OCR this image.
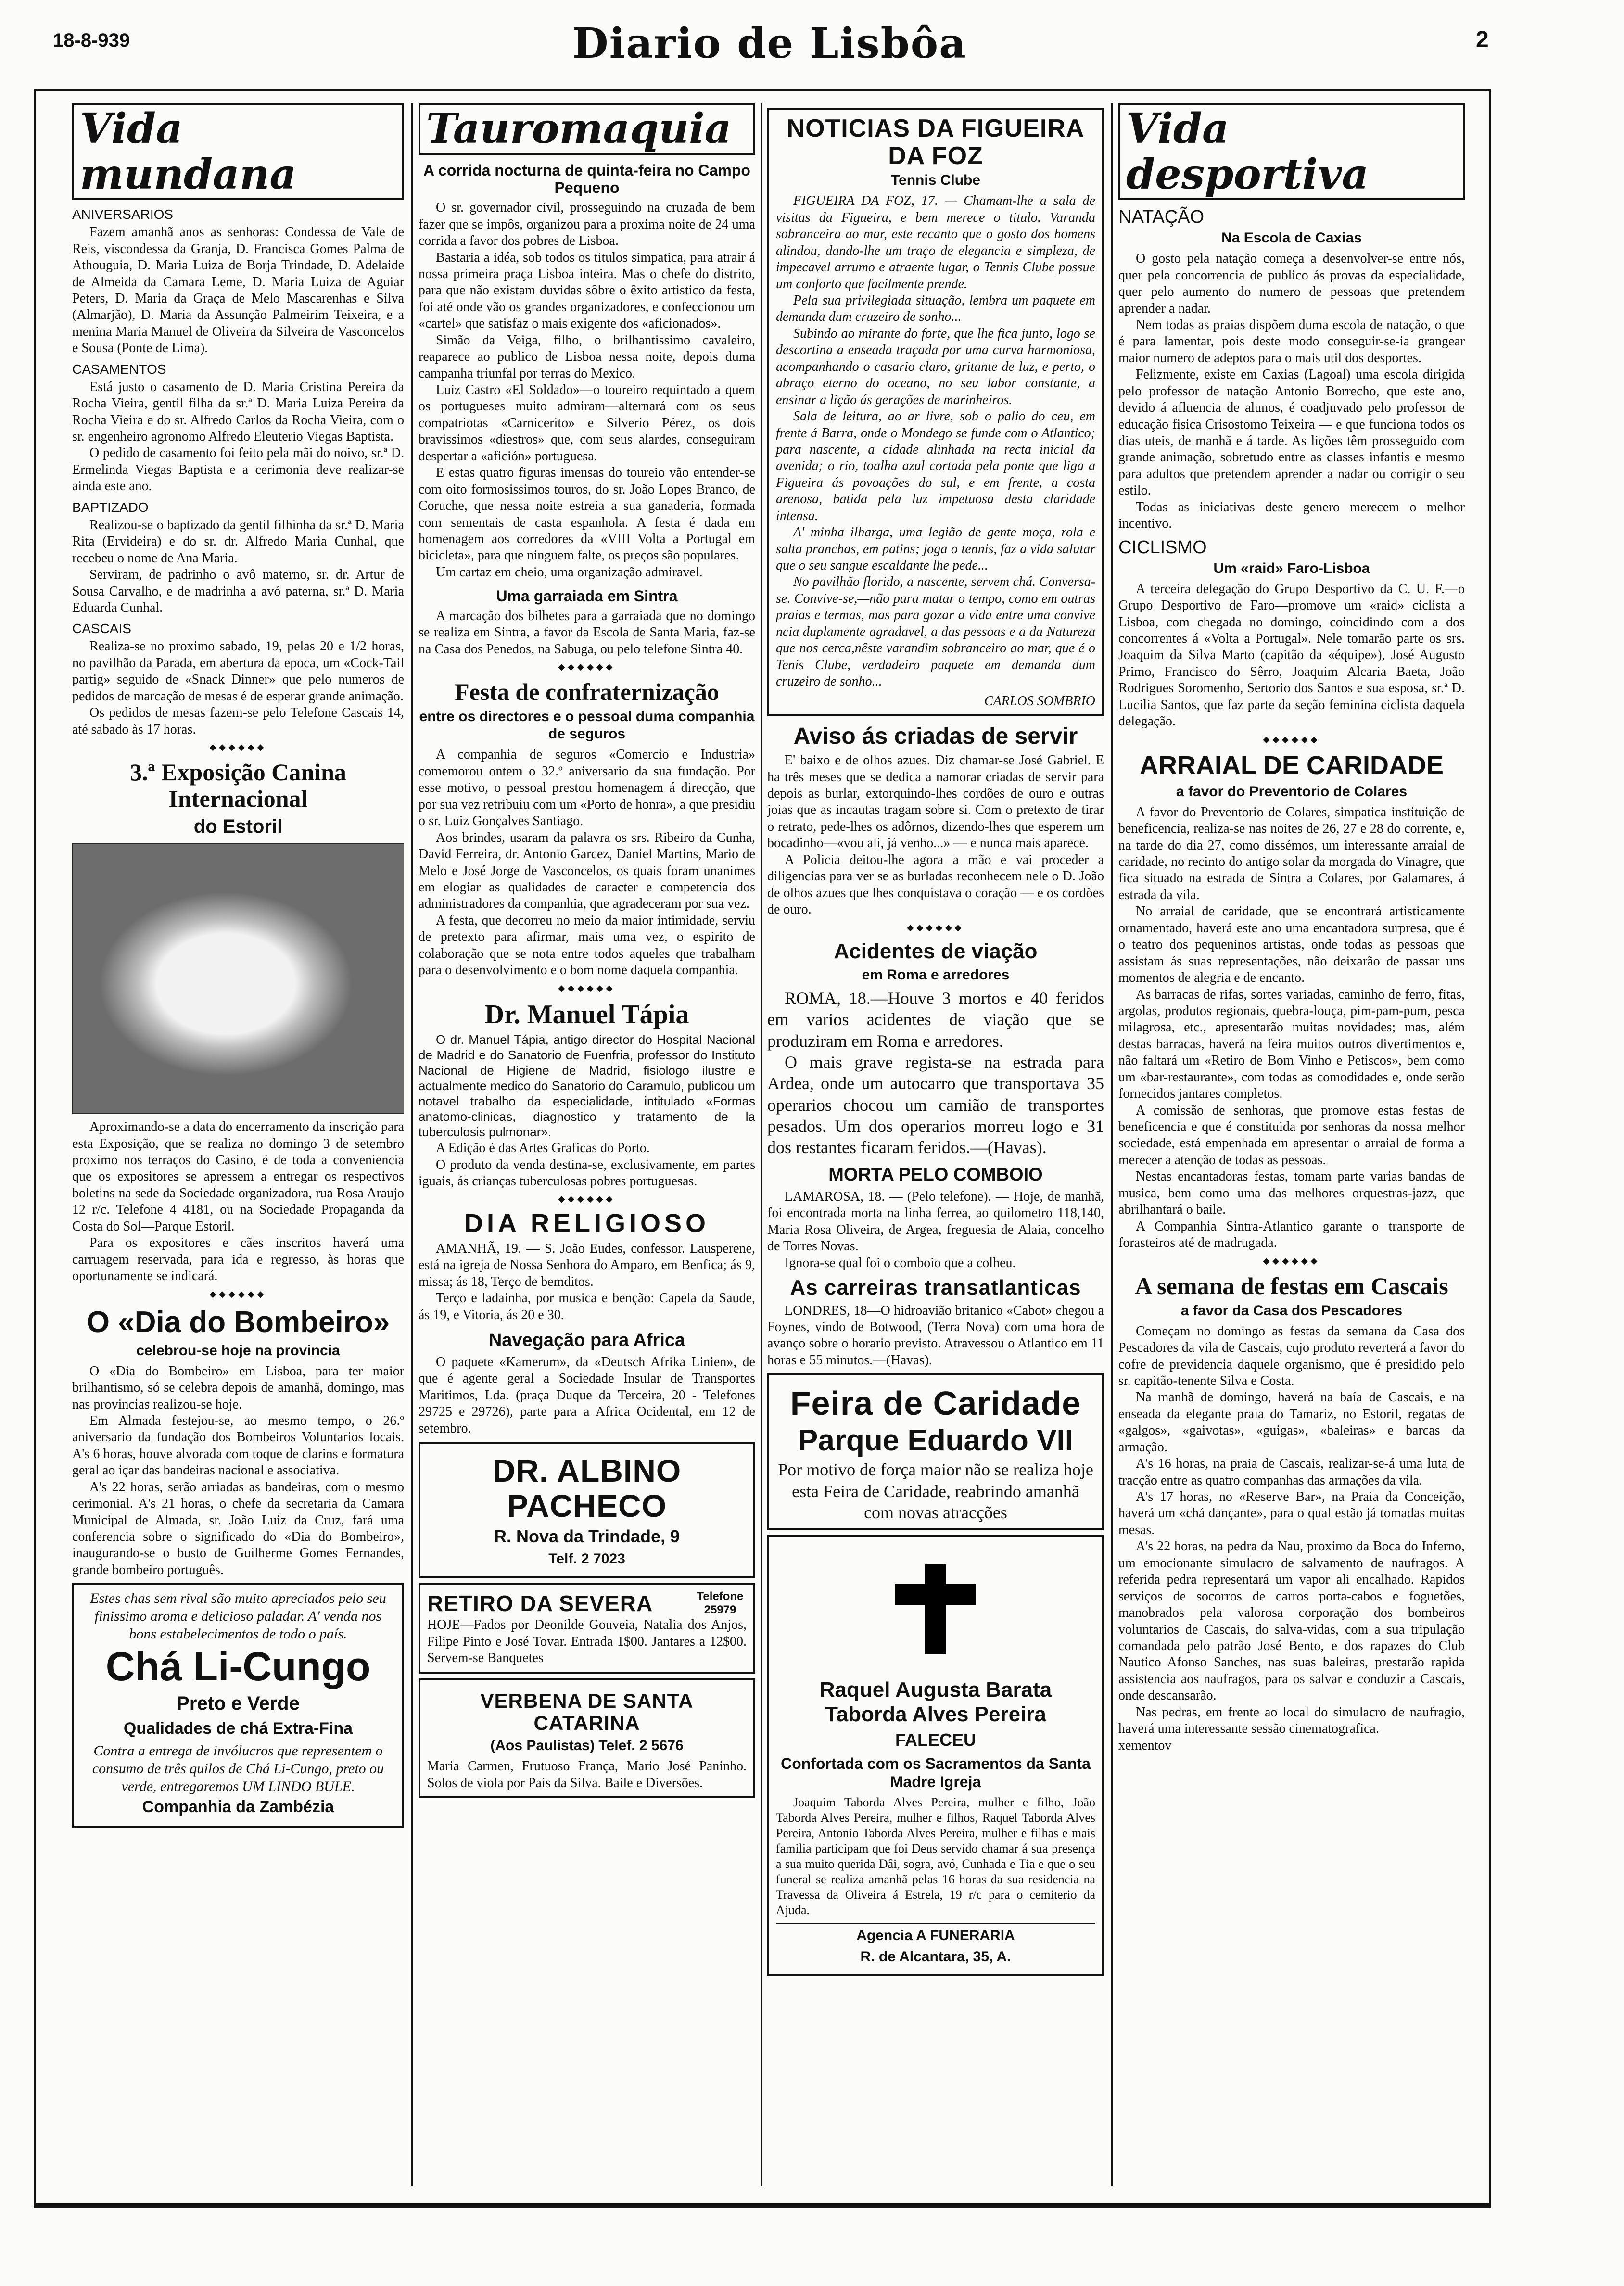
18-8-939	Diario de Lisbôa	2
Vida mundana
ANIVERSARIOS

Fazem amanhã anos as senhoras: Condessa de Vale de Reis, viscondessa da Granja, D. Francisca Gomes Palma de Athouguia, D. Maria Luiza de Borja Trindade, D. Adelaide de Almeida da Camara Leme, D. Maria Luiza de Aguiar Peters, D. Maria da Graça de Melo Mascarenhas e Silva (Almarjão), D. Maria da Assunção Palmeirim Teixeira, e a menina Maria Manuel de Oliveira da Silveira de Vasconcelos e Sousa (Ponte de Lima).

CASAMENTOS

Está justo o casamento de D. Maria Cristina Pereira da Rocha Vieira, gentil filha da sr.ª D. Maria Luiza Pereira da Rocha Vieira e do sr. Alfredo Carlos da Rocha Vieira, com o sr. engenheiro agronomo Alfredo Eleuterio Viegas Baptista.

O pedido de casamento foi feito pela mãi do noivo, sr.ª D. Ermelinda Viegas Baptista e a cerimonia deve realizar-se ainda este ano.

BAPTIZADO

Realizou-se o baptizado da gentil filhinha da sr.ª D. Maria Rita (Ervideira) e do sr. dr. Alfredo Maria Cunhal, que recebeu o nome de Ana Maria.

Serviram, de padrinho o avô materno, sr. dr. Artur de Sousa Carvalho, e de madrinha a avó paterna, sr.ª D. Maria Eduarda Cunhal.

CASCAIS

Realiza-se no proximo sabado, 19, pelas 20 e 1/2 horas, no pavilhão da Parada, em abertura da epoca, um «Cock-Tail partig» seguido de «Snack Dinner» que pelo numeros de pedidos de marcação de mesas é de esperar grande animação.

Os pedidos de mesas fazem-se pelo Telefone Cascais 14, até sabado às 17 horas.

◆◆◆◆◆◆
3.ª Exposição Canina Internacional
do Estoril

Aproximando-se a data do encerramento da inscrição para esta Exposição, que se realiza no domingo 3 de setembro proximo nos terraços do Casino, é de toda a conveniencia que os expositores se apressem a entregar os respectivos boletins na sede da Sociedade organizadora, rua Rosa Araujo 12 r/c. Telefone 4 4181, ou na Sociedade Propaganda da Costa do Sol—Parque Estoril.

Para os expositores e cães inscritos haverá uma carruagem reservada, para ida e regresso, às horas que oportunamente se indicará.

◆◆◆◆◆◆
O «Dia do Bombeiro»
celebrou-se hoje na provincia

O «Dia do Bombeiro» em Lisboa, para ter maior brilhantismo, só se celebra depois de amanhã, domingo, mas nas provincias realizou-se hoje.

Em Almada festejou-se, ao mesmo tempo, o 26.º aniversario da fundação dos Bombeiros Voluntarios locais. A's 6 horas, houve alvorada com toque de clarins e formatura geral ao içar das bandeiras nacional e associativa.

A's 22 horas, serão arriadas as bandeiras, com o mesmo cerimonial. A's 21 horas, o chefe da secretaria da Camara Municipal de Almada, sr. João Luiz da Cruz, fará uma conferencia sobre o significado do «Dia do Bombeiro», inaugurando-se o busto de Guilherme Gomes Fernandes, grande bombeiro português.

Estes chas sem rival são muito apreciados pelo seu finissimo aroma e delicioso paladar. A' venda nos bons estabelecimentos de todo o país.

Chá Li-Cungo
Preto e Verde
Qualidades de chá Extra-Fina

Contra a entrega de invólucros que representem o consumo de três quilos de Chá Li-Cungo, preto ou verde, entregaremos UM LINDO BULE.

Companhia da Zambézia
Tauromaquia
A corrida nocturna de quinta-feira no Campo Pequeno

O sr. governador civil, prosseguindo na cruzada de bem fazer que se impôs, organizou para a proxima noite de 24 uma corrida a favor dos pobres de Lisboa.

Bastaria a idéa, sob todos os titulos simpatica, para atrair á nossa primeira praça Lisboa inteira. Mas o chefe do distrito, para que não existam duvidas sôbre o êxito artistico da festa, foi até onde vão os grandes organizadores, e confeccionou um «cartel» que satisfaz o mais exigente dos «aficionados».

Simão da Veiga, filho, o brilhantissimo cavaleiro, reaparece ao publico de Lisboa nessa noite, depois duma campanha triunfal por terras do Mexico.

Luiz Castro «El Soldado»—o toureiro requintado a quem os portugueses muito admiram—alternará com os seus compatriotas «Carnicerito» e Silverio Pérez, os dois bravissimos «diestros» que, com seus alardes, conseguiram despertar a «afición» portuguesa.

E estas quatro figuras imensas do toureio vão entender-se com oito formosissimos touros, do sr. João Lopes Branco, de Coruche, que nessa noite estreia a sua ganaderia, formada com sementais de casta espanhola. A festa é dada em homenagem aos corredores da «VIII Volta a Portugal em bicicleta», para que ninguem falte, os preços são populares.

Um cartaz em cheio, uma organização admiravel.

Uma garraiada em Sintra

A marcação dos bilhetes para a garraiada que no domingo se realiza em Sintra, a favor da Escola de Santa Maria, faz-se na Casa dos Penedos, na Sabuga, ou pelo telefone Sintra 40.

◆◆◆◆◆◆
Festa de confraternização
entre os directores e o pessoal duma companhia de seguros

A companhia de seguros «Comercio e Industria» comemorou ontem o 32.º aniversario da sua fundação. Por esse motivo, o pessoal prestou homenagem á direcção, que por sua vez retribuiu com um «Porto de honra», a que presidiu o sr. Luiz Gonçalves Santiago.

Aos brindes, usaram da palavra os srs. Ribeiro da Cunha, David Ferreira, dr. Antonio Garcez, Daniel Martins, Mario de Melo e José Jorge de Vasconcelos, os quais foram unanimes em elogiar as qualidades de caracter e competencia dos administradores da companhia, que agradeceram por sua vez.

A festa, que decorreu no meio da maior intimidade, serviu de pretexto para afirmar, mais uma vez, o espirito de colaboração que se nota entre todos aqueles que trabalham para o desenvolvimento e o bom nome daquela companhia.

◆◆◆◆◆◆
Dr. Manuel Tápia

O dr. Manuel Tápia, antigo director do Hospital Nacional de Madrid e do Sanatorio de Fuenfria, professor do Instituto Nacional de Higiene de Madrid, fisiologo ilustre e actualmente medico do Sanatorio do Caramulo, publicou um notavel trabalho da especialidade, intitulado «Formas anatomo-clinicas, diagnostico y tratamento de la tuberculosis pulmonar».

A Edição é das Artes Graficas do Porto.

O produto da venda destina-se, exclusivamente, em partes iguais, ás crianças tuberculosas pobres portuguesas.

◆◆◆◆◆◆
DIA RELIGIOSO

AMANHÃ, 19. — S. João Eudes, confessor. Lausperene, está na igreja de Nossa Senhora do Amparo, em Benfica; ás 9, missa; ás 18, Terço de bemditos.

Terço e ladainha, por musica e benção: Capela da Saude, ás 19, e Vitoria, ás 20 e 30.

Navegação para Africa

O paquete «Kamerum», da «Deutsch Afrika Linien», de que é agente geral a Sociedade Insular de Transportes Maritimos, Lda. (praça Duque da Terceira, 20 - Telefones 29725 e 29726), parte para a Africa Ocidental, em 12 de setembro.

DR. ALBINO PACHECO
R. Nova da Trindade, 9
Telf. 2 7023
RETIRO DA SEVERA	Telefone 25979

HOJE—Fados por Deonilde Gouveia, Natalia dos Anjos, Filipe Pinto e José Tovar. Entrada 1$00. Jantares a 12$00. Servem-se Banquetes

VERBENA DE SANTA CATARINA
(Aos Paulistas) Telef. 2 5676

Maria Carmen, Frutuoso França, Mario José Paninho. Solos de viola por Pais da Silva. Baile e Diversões.

NOTICIAS DA FIGUEIRA DA FOZ
Tennis Clube

FIGUEIRA DA FOZ, 17. — Chamam-lhe a sala de visitas da Figueira, e bem merece o titulo. Varanda sobranceira ao mar, este recanto que o gosto dos homens alindou, dando-lhe um traço de elegancia e simpleza, de impecavel arrumo e atraente lugar, o Tennis Clube possue um conforto que facilmente prende.

Pela sua privilegiada situação, lembra um paquete em demanda dum cruzeiro de sonho...

Subindo ao mirante do forte, que lhe fica junto, logo se descortina a enseada traçada por uma curva harmoniosa, acompanhando o casario claro, gritante de luz, e perto, o abraço eterno do oceano, no seu labor constante, a ensinar a lição ás gerações de marinheiros.

Sala de leitura, ao ar livre, sob o palio do ceu, em frente á Barra, onde o Mondego se funde com o Atlantico; para nascente, a cidade alinhada na recta inicial da avenida; o rio, toalha azul cortada pela ponte que liga a Figueira ás povoações do sul, e em frente, a costa arenosa, batida pela luz impetuosa desta claridade intensa.

A' minha ilharga, uma legião de gente moça, rola e salta pranchas, em patins; joga o tennis, faz a vida salutar que o seu sangue escaldante lhe pede...

No pavilhão florido, a nascente, servem chá. Conversa-se. Convive-se,—não para matar o tempo, como em outras praias e termas, mas para gozar a vida entre uma convive ncia duplamente agradavel, a das pessoas e a da Natureza que nos cerca,nêste varandim sobranceiro ao mar, que é o Tenis Clube, verdadeiro paquete em demanda dum cruzeiro de sonho...

CARLOS SOMBRIO
Aviso ás criadas de servir

E' baixo e de olhos azues. Diz chamar-se José Gabriel. E ha três meses que se dedica a namorar criadas de servir para depois as burlar, extorquindo-lhes cordões de ouro e outras joias que as incautas tragam sobre si. Com o pretexto de tirar o retrato, pede-lhes os adôrnos, dizendo-lhes que esperem um bocadinho—«vou ali, já venho...» — e nunca mais aparece.

A Policia deitou-lhe agora a mão e vai proceder a diligencias para ver se as burladas reconhecem nele o D. João de olhos azues que lhes conquistava o coração — e os cordões de ouro.

◆◆◆◆◆◆
Acidentes de viação
em Roma e arredores

ROMA, 18.—Houve 3 mortos e 40 feridos em varios acidentes de viação que se produziram em Roma e arredores.

O mais grave regista-se na estrada para Ardea, onde um autocarro que transportava 35 operarios chocou um camião de transportes pesados. Um dos operarios morreu logo e 31 dos restantes ficaram feridos.—(Havas).

MORTA PELO COMBOIO

LAMAROSA, 18. — (Pelo telefone). — Hoje, de manhã, foi encontrada morta na linha ferrea, ao quilometro 118,140, Maria Rosa Oliveira, de Argea, freguesia de Alaia, concelho de Torres Novas.

Ignora-se qual foi o comboio que a colheu.

As carreiras transatlanticas

LONDRES, 18—O hidroavião britanico «Cabot» chegou a Foynes, vindo de Botwood, (Terra Nova) com uma hora de avanço sobre o horario previsto. Atravessou o Atlantico em 11 horas e 55 minutos.—(Havas).

Feira de Caridade
Parque Eduardo VII

Por motivo de força maior não se realiza hoje esta Feira de Caridade, reabrindo amanhã com novas atracções

Raquel Augusta Barata Taborda Alves Pereira
FALECEU
Confortada com os Sacramentos da Santa Madre Igreja

Joaquim Taborda Alves Pereira, mulher e filho, João Taborda Alves Pereira, mulher e filhos, Raquel Taborda Alves Pereira, Antonio Taborda Alves Pereira, mulher e filhas e mais familia participam que foi Deus servido chamar á sua presença a sua muito querida Dâi, sogra, avó, Cunhada e Tia e que o seu funeral se realiza amanhã pelas 16 horas da sua residencia na Travessa da Oliveira á Estrela, 19 r/c para o cemiterio da Ajuda.

Agencia A FUNERARIA
R. de Alcantara, 35, A.
Vida desportiva
NATAÇÃO
Na Escola de Caxias

O gosto pela natação começa a desenvolver-se entre nós, quer pela concorrencia de publico ás provas da especialidade, quer pelo aumento do numero de pessoas que pretendem aprender a nadar.

Nem todas as praias dispõem duma escola de natação, o que é para lamentar, pois deste modo conseguir-se-ia grangear maior numero de adeptos para o mais util dos desportes.

Felizmente, existe em Caxias (Lagoal) uma escola dirigida pelo professor de natação Antonio Borrecho, que este ano, devido á afluencia de alunos, é coadjuvado pelo professor de educação fisica Crisostomo Teixeira — e que funciona todos os dias uteis, de manhã e á tarde. As lições têm prosseguido com grande animação, sobretudo entre as classes infantis e mesmo para adultos que pretendem aprender a nadar ou corrigir o seu estilo.

Todas as iniciativas deste genero merecem o melhor incentivo.

CICLISMO
Um «raid» Faro-Lisboa

A terceira delegação do Grupo Desportivo da C. U. F.—o Grupo Desportivo de Faro—promove um «raid» ciclista a Lisboa, com chegada no domingo, coincidindo com a dos concorrentes á «Volta a Portugal». Nele tomarão parte os srs. Joaquim da Silva Marto (capitão da «équipe»), José Augusto Primo, Francisco do Sêrro, Joaquim Alcaria Baeta, João Rodrigues Soromenho, Sertorio dos Santos e sua esposa, sr.ª D. Lucilia Santos, que faz parte da seção feminina ciclista daquela delegação.

◆◆◆◆◆◆
ARRAIAL DE CARIDADE
a favor do Preventorio de Colares

A favor do Preventorio de Colares, simpatica instituição de beneficencia, realiza-se nas noites de 26, 27 e 28 do corrente, e, na tarde do dia 27, como dissémos, um interessante arraial de caridade, no recinto do antigo solar da morgada do Vinagre, que fica situado na estrada de Sintra a Colares, por Galamares, á estrada da vila.

No arraial de caridade, que se encontrará artisticamente ornamentado, haverá este ano uma encantadora surpresa, que é o teatro dos pequeninos artistas, onde todas as pessoas que assistam ás suas representações, não deixarão de passar uns momentos de alegria e de encanto.

As barracas de rifas, sortes variadas, caminho de ferro, fitas, argolas, produtos regionais, quebra-louça, pim-pam-pum, pesca milagrosa, etc., apresentarão muitas novidades; mas, além destas barracas, haverá na feira muitos outros divertimentos e, não faltará um «Retiro de Bom Vinho e Petiscos», bem como um «bar-restaurante», com todas as comodidades e, onde serão fornecidos jantares completos.

A comissão de senhoras, que promove estas festas de beneficencia e que é constituida por senhoras da nossa melhor sociedade, está empenhada em apresentar o arraial de forma a merecer a atenção de todas as pessoas.

Nestas encantadoras festas, tomam parte varias bandas de musica, bem como uma das melhores orquestras-jazz, que abrilhantará o baile.

A Companhia Sintra-Atlantico garante o transporte de forasteiros até de madrugada.

◆◆◆◆◆◆
A semana de festas em Cascais
a favor da Casa dos Pescadores

Começam no domingo as festas da semana da Casa dos Pescadores da vila de Cascais, cujo produto reverterá a favor do cofre de previdencia daquele organismo, que é presidido pelo sr. capitão-tenente Silva e Costa.

Na manhã de domingo, haverá na baía de Cascais, e na enseada da elegante praia do Tamariz, no Estoril, regatas de «galgos», «gaivotas», «guigas», «baleiras» e barcas da armação.

A's 16 horas, na praia de Cascais, realizar-se-á uma luta de tracção entre as quatro companhas das armações da vila.

A's 17 horas, no «Reserve Bar», na Praia da Conceição, haverá um «chá dançante», para o qual estão já tomadas muitas mesas.

A's 22 horas, na pedra da Nau, proximo da Boca do Inferno, um emocionante simulacro de salvamento de naufragos. A referida pedra representará um vapor ali encalhado. Rapidos serviços de socorros de carros porta-cabos e foguetões, manobrados pela valorosa corporação dos bombeiros voluntarios de Cascais, do salva-vidas, com a sua tripulação comandada pelo patrão José Bento, e dos rapazes do Club Nautico Afonso Sanches, nas suas baleiras, prestarão rapida assistencia aos naufragos, para os salvar e conduzir a Cascais, onde descansarão.

Nas pedras, em frente ao local do simulacro de naufragio, haverá uma interessante sessão cinematografica.

xementov
